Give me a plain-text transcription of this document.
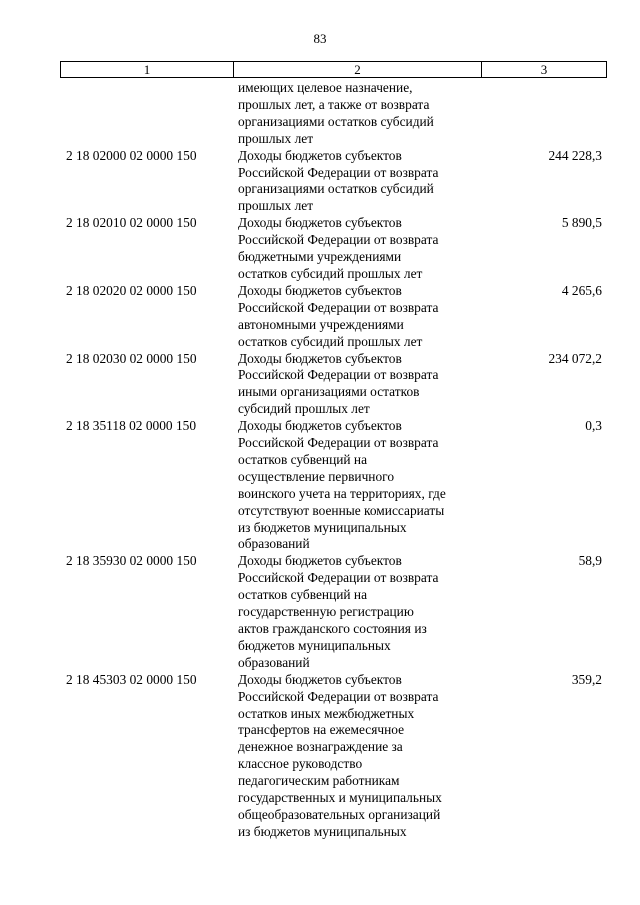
83
1	2	3
имеющих целевое назначение,
прошлых лет, а также от возврата
организациями остатков субсидий
прошлых лет
2 18 02000 02 0000 150	Доходы бюджетов субъектов
Российской Федерации от возврата
организациями остатков субсидий
прошлых лет
244 228,3
2 18 02010 02 0000 150	Доходы бюджетов субъектов
Российской Федерации от возврата
бюджетными учреждениями
остатков субсидий прошлых лет
5 890,5
2 18 02020 02 0000 150	Доходы бюджетов субъектов
Российской Федерации от возврата
автономными учреждениями
остатков субсидий прошлых лет
4 265,6
2 18 02030 02 0000 150	Доходы бюджетов субъектов
Российской Федерации от возврата
иными организациями остатков
субсидий прошлых лет
234 072,2
2 18 35118 02 0000 150	Доходы бюджетов субъектов
Российской Федерации от возврата
остатков субвенций на
осуществление первичного
воинского учета на территориях, где
отсутствуют военные комиссариаты
из бюджетов муниципальных
образований
0,3
2 18 35930 02 0000 150	Доходы бюджетов субъектов
Российской Федерации от возврата
остатков субвенций на
государственную регистрацию
актов гражданского состояния из
бюджетов муниципальных
образований
58,9
2 18 45303 02 0000 150	Доходы бюджетов субъектов
Российской Федерации от возврата
остатков иных межбюджетных
трансфертов на ежемесячное
денежное вознаграждение за
классное руководство
педагогическим работникам
государственных и муниципальных
общеобразовательных организаций
из бюджетов муниципальных
359,2
